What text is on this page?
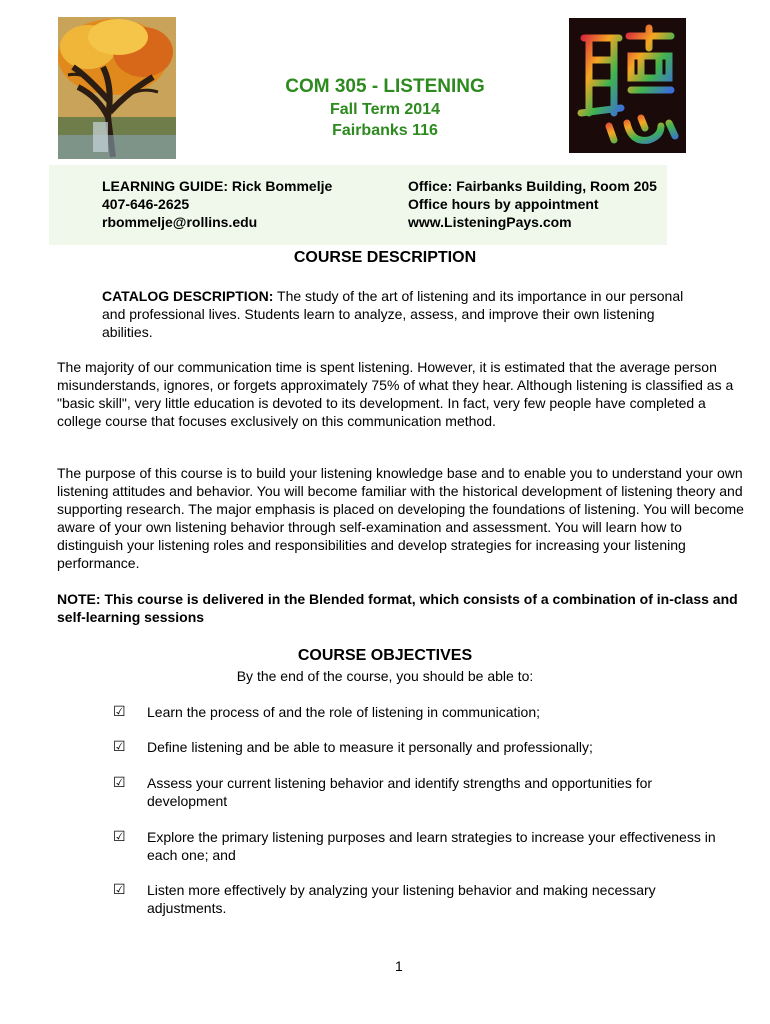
COM 305 - LISTENING
Fall Term 2014
Fairbanks 116
LEARNING GUIDE: Rick Bommelje
407-646-2625
rbommelje@rollins.edu
Office: Fairbanks Building, Room 205
Office hours by appointment
www.ListeningPays.com
COURSE DESCRIPTION
CATALOG DESCRIPTION: The study of the art of listening and its importance in our personal and professional lives. Students learn to analyze, assess, and improve their own listening abilities.
The majority of our communication time is spent listening. However, it is estimated that the average person misunderstands, ignores, or forgets approximately 75% of what they hear. Although listening is classified as a "basic skill", very little education is devoted to its development. In fact, very few people have completed a college course that focuses exclusively on this communication method.
The purpose of this course is to build your listening knowledge base and to enable you to understand your own listening attitudes and behavior. You will become familiar with the historical development of listening theory and supporting research. The major emphasis is placed on developing the foundations of listening. You will become aware of your own listening behavior through self-examination and assessment. You will learn how to distinguish your listening roles and responsibilities and develop strategies for increasing your listening performance.
NOTE: This course is delivered in the Blended format, which consists of a combination of in-class and self-learning sessions
COURSE OBJECTIVES
By the end of the course, you should be able to:
☑ Learn the process of and the role of listening in communication;
☑ Define listening and be able to measure it personally and professionally;
☑ Assess your current listening behavior and identify strengths and opportunities for development
☑ Explore the primary listening purposes and learn strategies to increase your effectiveness in each one; and
☑ Listen more effectively by analyzing your listening behavior and making necessary adjustments.
1
